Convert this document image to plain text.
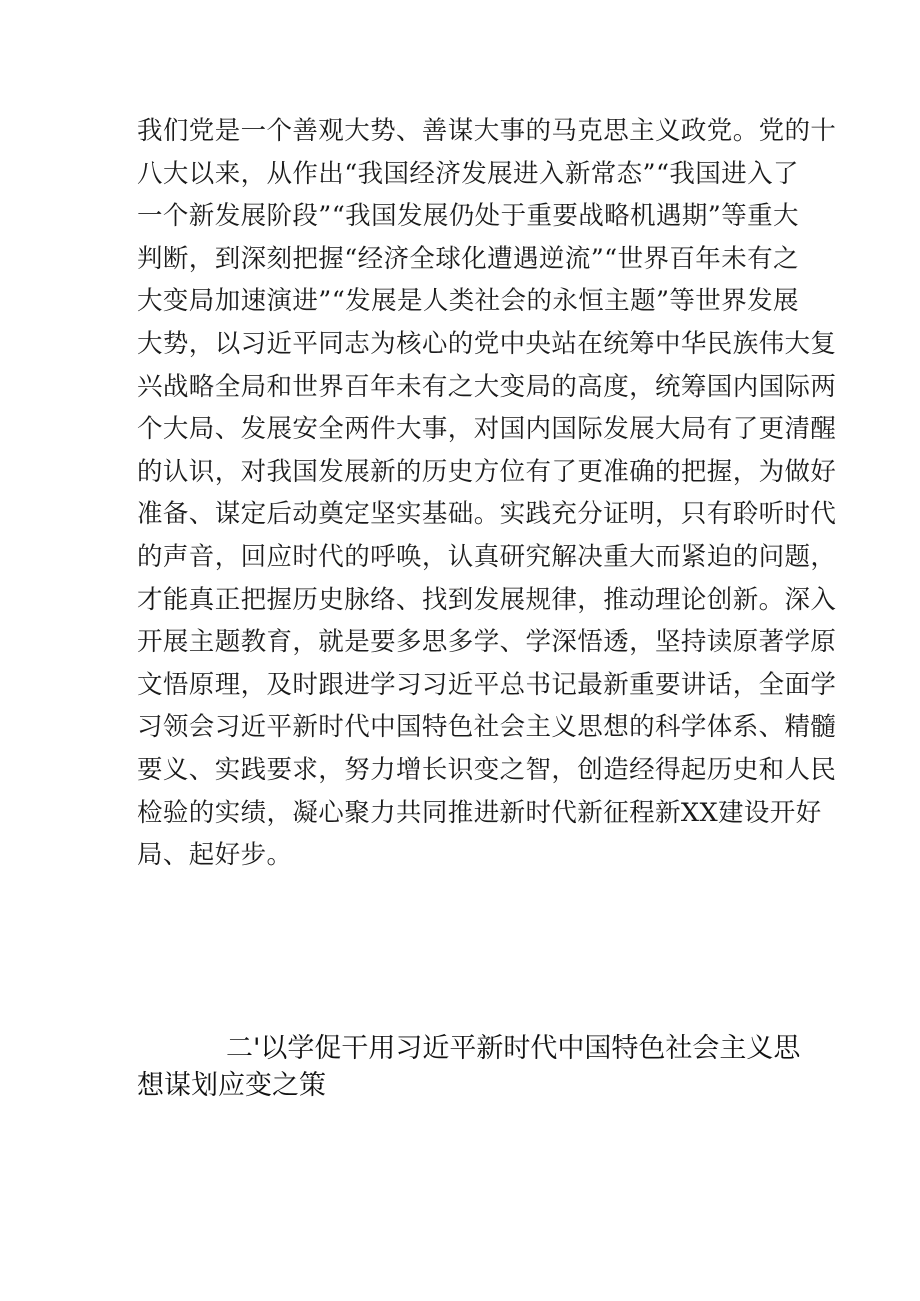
我们党是一个善观大势、善谋大事的马克思主义政党。党的十
八大以来，从作出“我国经济发展进入新常态”“我国进入了
一个新发展阶段”“我国发展仍处于重要战略机遇期”等重大
判断，到深刻把握“经济全球化遭遇逆流”“世界百年未有之
大变局加速演进”“发展是人类社会的永恒主题”等世界发展
大势，以习近平同志为核心的党中央站在统筹中华民族伟大复
兴战略全局和世界百年未有之大变局的高度，统筹国内国际两
个大局、发展安全两件大事，对国内国际发展大局有了更清醒
的认识，对我国发展新的历史方位有了更准确的把握，为做好
准备、谋定后动奠定坚实基础。实践充分证明，只有聆听时代
的声音，回应时代的呼唤，认真研究解决重大而紧迫的问题，
才能真正把握历史脉络、找到发展规律，推动理论创新。深入
开展主题教育，就是要多思多学、学深悟透，坚持读原著学原
文悟原理，及时跟进学习习近平总书记最新重要讲话，全面学
习领会习近平新时代中国特色社会主义思想的科学体系、精髓
要义、实践要求，努力增长识变之智，创造经得起历史和人民
检验的实绩，凝心聚力共同推进新时代新征程新XX建设开好
局、起好步。
二'以学促干用习近平新时代中国特色社会主义思
想谋划应变之策
